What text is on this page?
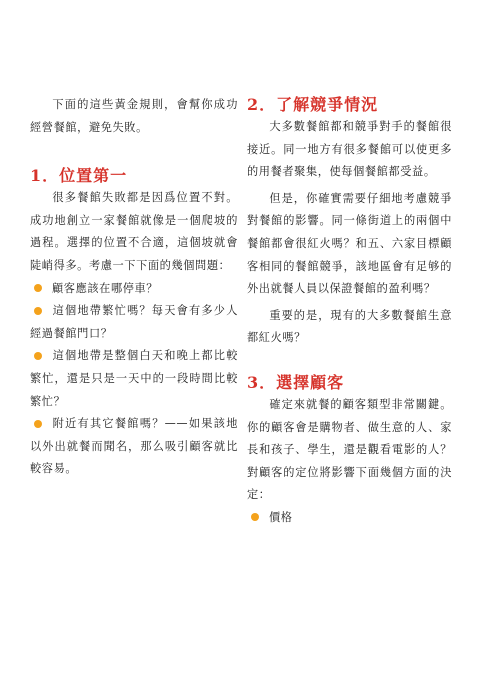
下面的這些黃金規則，會幫你成功經營餐館，避免失敗。

1．位置第一

很多餐館失敗都是因爲位置不對。成功地創立一家餐館就像是一個爬坡的過程。選擇的位置不合適，這個坡就會陡峭得多。考慮一下下面的幾個問題：

顧客應該在哪停車？

這個地帶繁忙嗎？每天會有多少人經過餐館門口？

這個地帶是整個白天和晚上都比較繁忙，還是只是一天中的一段時間比較繁忙？

附近有其它餐館嗎？——如果該地以外出就餐而聞名，那么吸引顧客就比較容易。

2．了解競爭情況

大多數餐館都和競爭對手的餐館很接近。同一地方有很多餐館可以使更多的用餐者聚集，使每個餐館都受益。

但是，你確實需要仔細地考慮競爭對餐館的影響。同一條街道上的兩個中餐館都會很紅火嗎？和五、六家目標顧客相同的餐館競爭，該地區會有足够的外出就餐人員以保證餐館的盈利嗎？

重要的是，現有的大多數餐館生意都紅火嗎？

3．選擇顧客

確定來就餐的顧客類型非常關鍵。你的顧客會是購物者、做生意的人、家長和孩子、學生，還是觀看電影的人？對顧客的定位將影響下面幾個方面的決定：

價格
